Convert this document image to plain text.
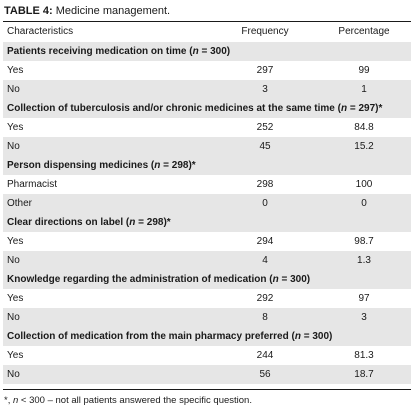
TABLE 4: Medicine management.
Characteristics	Frequency	Percentage
Patients receiving medication on time (n = 300)		
Yes	297	99
No	3	1
Collection of tuberculosis and/or chronic medicines at the same time (n = 297)*		
Yes	252	84.8
No	45	15.2
Person dispensing medicines (n = 298)*		
Pharmacist	298	100
Other	0	0
Clear directions on label (n = 298)*		
Yes	294	98.7
No	4	1.3
Knowledge regarding the administration of medication (n = 300)		
Yes	292	97
No	8	3
Collection of medication from the main pharmacy preferred (n = 300)		
Yes	244	81.3
No	56	18.7
*, n < 300 – not all patients answered the specific question.
